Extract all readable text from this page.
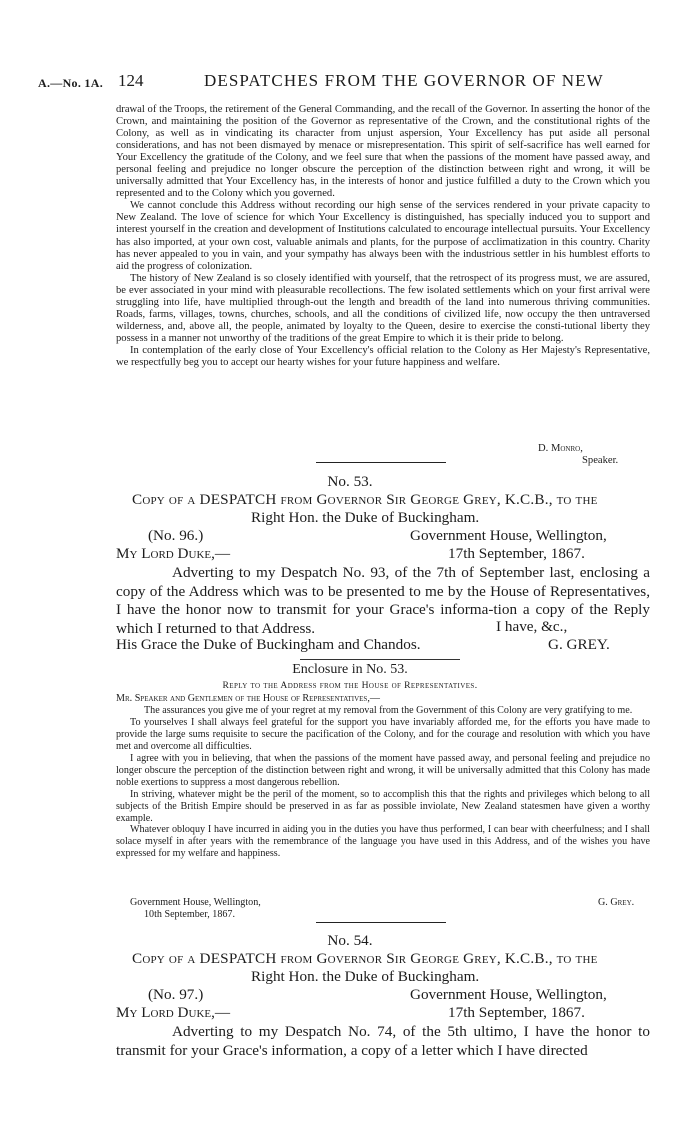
A.—No. 1A. 124	DESPATCHES FROM THE GOVERNOR OF NEW

drawal of the Troops, the retirement of the General Commanding, and the recall of the Governor. In asserting the honor of the Crown, and maintaining the position of the Governor as representative of the Crown, and the constitutional rights of the Colony, as well as in vindicating its character from unjust aspersion, Your Excellency has put aside all personal considerations, and has not been dismayed by menace or misrepresentation. This spirit of self-sacrifice has well earned for Your Excellency the gratitude of the Colony, and we feel sure that when the passions of the moment have passed away, and personal feeling and prejudice no longer obscure the perception of the distinction between right and wrong, it will be universally admitted that Your Excellency has, in the interests of honor and justice fulfilled a duty to the Crown which you represented and to the Colony which you governed.

We cannot conclude this Address without recording our high sense of the services rendered in your private capacity to New Zealand. The love of science for which Your Excellency is distinguished, has specially induced you to support and interest yourself in the creation and development of Institutions calculated to encourage intellectual pursuits. Your Excellency has also imported, at your own cost, valuable animals and plants, for the purpose of acclimatization in this country. Charity has never appealed to you in vain, and your sympathy has always been with the industrious settler in his humblest efforts to aid the progress of colonization.

The history of New Zealand is so closely identified with yourself, that the retrospect of its progress must, we are assured, be ever associated in your mind with pleasurable recollections. The few isolated settlements which on your first arrival were struggling into life, have multiplied through-out the length and breadth of the land into numerous thriving communities. Roads, farms, villages, towns, churches, schools, and all the conditions of civilized life, now occupy the then untraversed wilderness, and, above all, the people, animated by loyalty to the Queen, desire to exercise the consti-tutional liberty they possess in a manner not unworthy of the traditions of the great Empire to which it is their pride to belong.

In contemplation of the early close of Your Excellency's official relation to the Colony as Her Majesty's Representative, we respectfully beg you to accept our hearty wishes for your future happiness and welfare.

D. Monro,
Speaker.
No. 53.
Copy of a DESPATCH from Governor Sir George Grey, K.C.B., to the
Right Hon. the Duke of Buckingham.
(No. 96.)	Government House, Wellington,
My Lord Duke,—	17th September, 1867.

Adverting to my Despatch No. 93, of the 7th of September last, enclosing a copy of the Address which was to be presented to me by the House of Representatives, I have the honor now to transmit for your Grace's informa-tion a copy of the Reply which I returned to that Address.	I have, &c.,
His Grace the Duke of Buckingham and Chandos.	G. GREY.
Enclosure in No. 53.
Reply to the Address from the House of Representatives.

Mr. Speaker and Gentlemen of the House of Representatives,—

The assurances you give me of your regret at my removal from the Government of this Colony are very gratifying to me.

To yourselves I shall always feel grateful for the support you have invariably afforded me, for the efforts you have made to provide the large sums requisite to secure the pacification of the Colony, and for the courage and resolution with which you have met and overcome all difficulties.

I agree with you in believing, that when the passions of the moment have passed away, and personal feeling and prejudice no longer obscure the perception of the distinction between right and wrong, it will be universally admitted that this Colony has made noble exertions to suppress a most dangerous rebellion.

In striving, whatever might be the peril of the moment, so to accomplish this that the rights and privileges which belong to all subjects of the British Empire should be preserved in as far as possible inviolate, New Zealand statesmen have given a worthy example.

Whatever obloquy I have incurred in aiding you in the duties you have thus performed, I can bear with cheerfulness; and I shall solace myself in after years with the remembrance of the language you have used in this Address, and of the wishes you have expressed for my welfare and happiness.

Government House, Wellington,	G. Grey.
10th September, 1867.
No. 54.
Copy of a DESPATCH from Governor Sir George Grey, K.C.B., to the
Right Hon. the Duke of Buckingham.
(No. 97.)	Government House, Wellington,
My Lord Duke,—	17th September, 1867.

Adverting to my Despatch No. 74, of the 5th ultimo, I have the honor to transmit for your Grace's information, a copy of a letter which I have directed
